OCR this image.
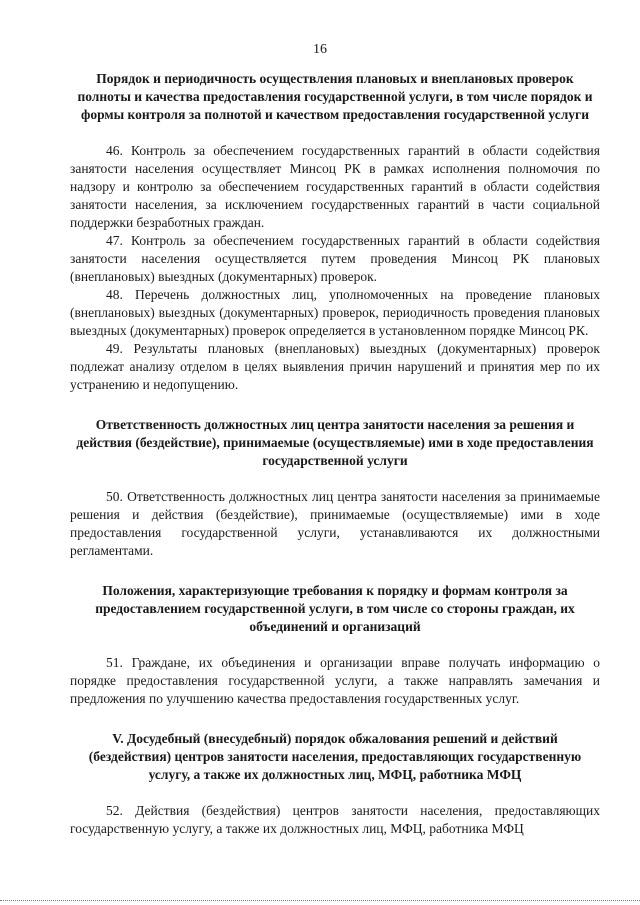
16
Порядок и периодичность осуществления плановых и внеплановых проверок полноты и качества предоставления государственной услуги, в том числе порядок и формы контроля за полнотой и качеством предоставления государственной услуги

46. Контроль за обеспечением государственных гарантий в области содействия занятости населения осуществляет Минсоц РК в рамках исполнения полномочия по надзору и контролю за обеспечением государственных гарантий в области содействия занятости населения, за исключением государственных гарантий в части социальной поддержки безработных граждан.

47. Контроль за обеспечением государственных гарантий в области содействия занятости населения осуществляется путем проведения Минсоц РК плановых (внеплановых) выездных (документарных) проверок.

48. Перечень должностных лиц, уполномоченных на проведение плановых (внеплановых) выездных (документарных) проверок, периодичность проведения плановых выездных (документарных) проверок определяется в установленном порядке Минсоц РК.

49. Результаты плановых (внеплановых) выездных (документарных) проверок подлежат анализу отделом в целях выявления причин нарушений и принятия мер по их устранению и недопущению.

Ответственность должностных лиц центра занятости населения за решения и действия (бездействие), принимаемые (осуществляемые) ими в ходе предоставления государственной услуги

50. Ответственность должностных лиц центра занятости населения за принимаемые решения и действия (бездействие), принимаемые (осуществляемые) ими в ходе предоставления государственной услуги, устанавливаются их должностными регламентами.

Положения, характеризующие требования к порядку и формам контроля за предоставлением государственной услуги, в том числе со стороны граждан, их объединений и организаций

51. Граждане, их объединения и организации вправе получать информацию о порядке предоставления государственной услуги, а также направлять замечания и предложения по улучшению качества предоставления государственных услуг.

V. Досудебный (внесудебный) порядок обжалования решений и действий (бездействия) центров занятости населения, предоставляющих государственную услугу, а также их должностных лиц, МФЦ, работника МФЦ

52. Действия (бездействия) центров занятости населения, предоставляющих государственную услугу, а также их должностных лиц, МФЦ, работника МФЦ
